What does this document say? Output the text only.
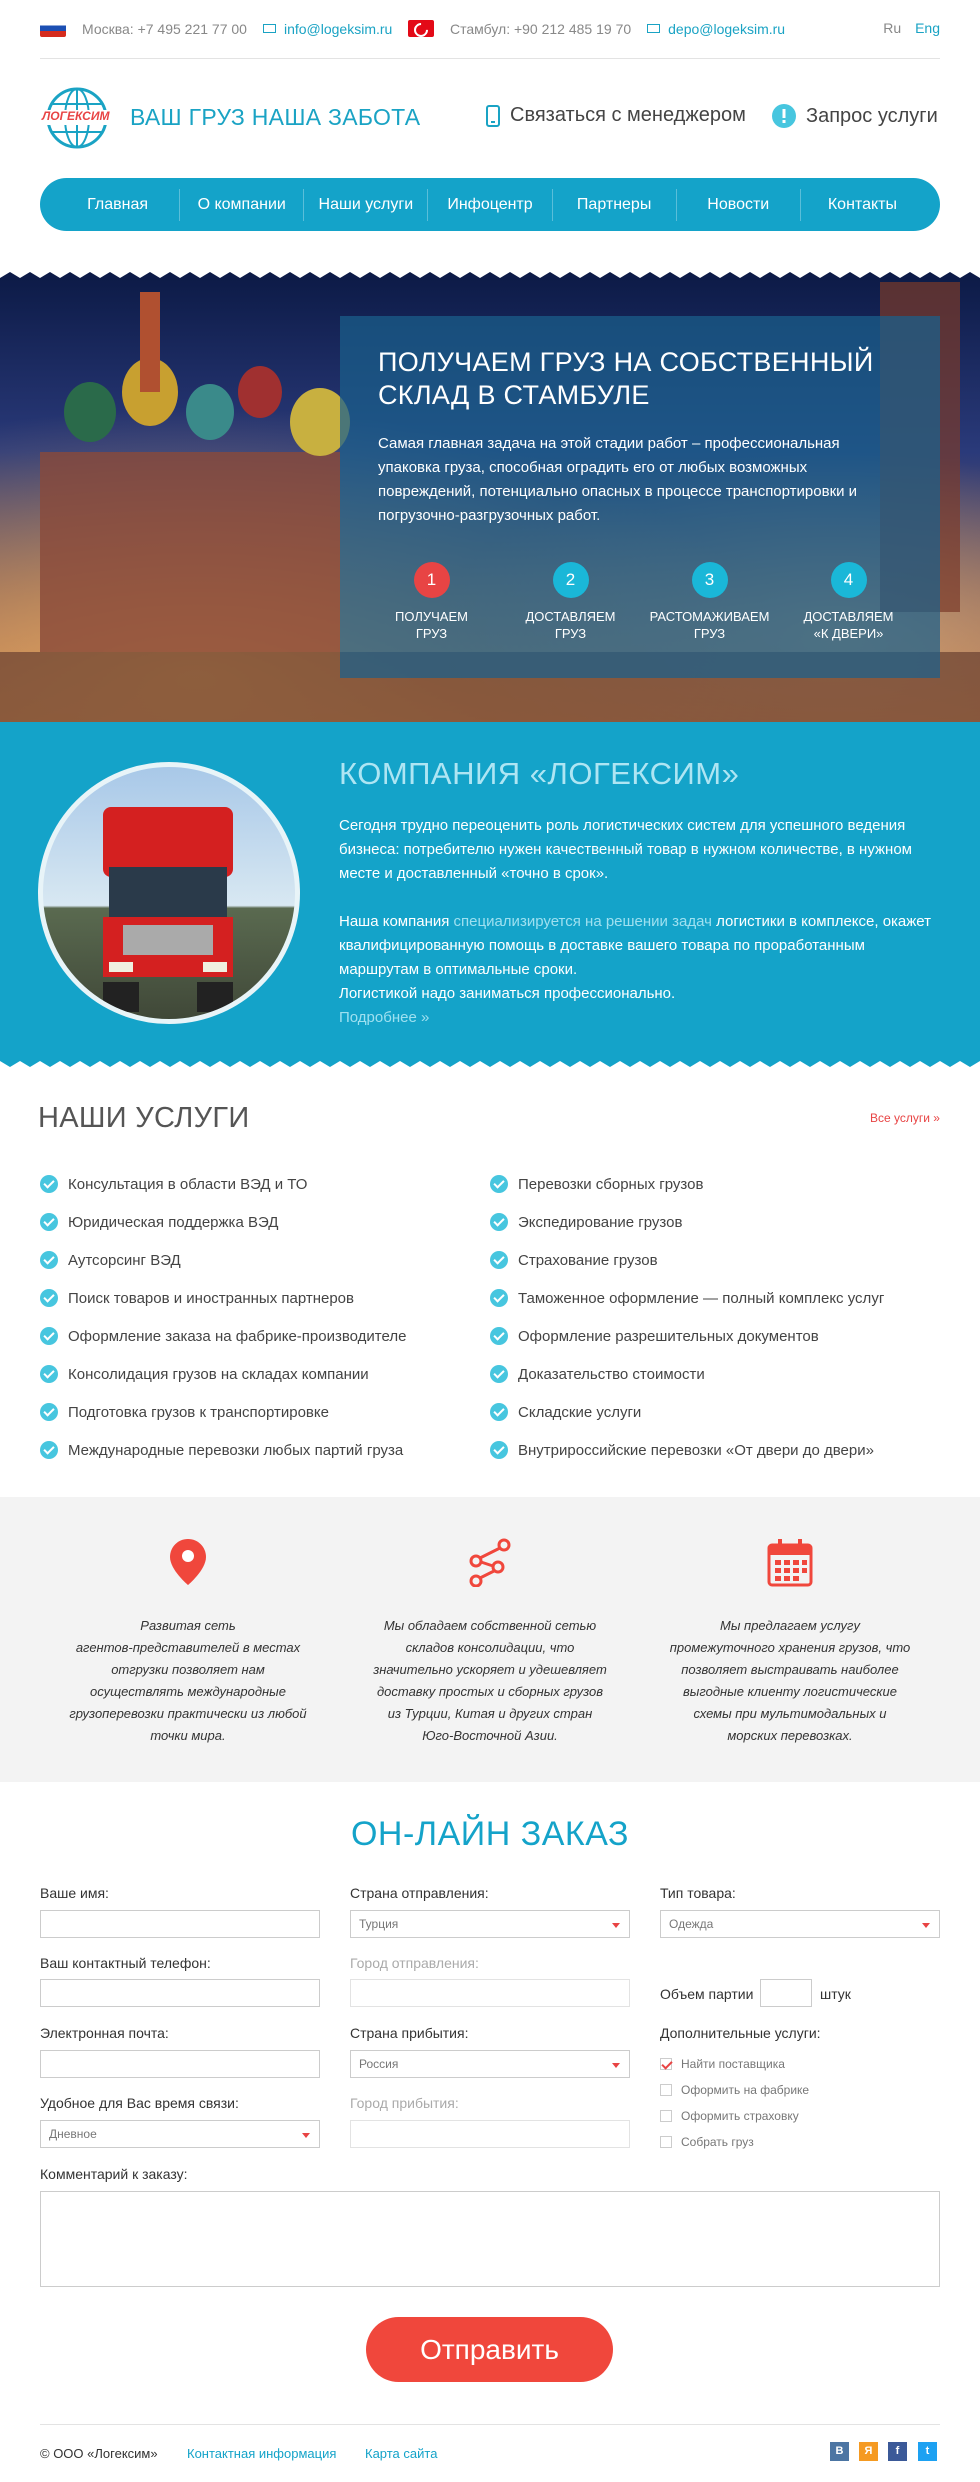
Москва: +7 495 221 77 00	info@logeksim.ru	Стамбул: +90 212 485 19 70	depo@logeksim.ru	Ru Eng
ЛОГЕКСИМ ВАШ ГРУЗ НАША ЗАБОТА	Связаться с менеджером	Запрос услуги
Главная	О компании	Наши услуги	Инфоцентр	Партнеры	Новости	Контакты
ПОЛУЧАЕМ ГРУЗ НА СОБСТВЕННЫЙ
СКЛАД В СТАМБУЛЕ

Самая главная задача на этой стадии работ – профессиональная упаковка груза, способная оградить его от любых возможных повреждений, потенциально опасных в процессе транспортировки и погрузочно-разгрузочных работ.

1
ПОЛУЧАЕМ
ГРУЗ
2
ДОСТАВЛЯЕМ
ГРУЗ
3
РАСТОМАЖИВАЕМ
ГРУЗ
4
ДОСТАВЛЯЕМ
«К ДВЕРИ»
КОМПАНИЯ «ЛОГЕКСИМ»

Сегодня трудно переоценить роль логистических систем для успешного ведения бизнеса: потребителю нужен качественный товар в нужном количестве, в нужном месте и доставленный «точно в срок».

Наша компания специализируется на решении задач логистики в комплексе, окажет квалифицированную помощь в доставке вашего товара по проработанным маршрутам в оптимальные сроки.

Логистикой надо заниматься профессионально.

Подробнее »
НАШИ УСЛУГИ	Все услуги »
Консультация в области ВЭД и ТО
Юридическая поддержка ВЭД
Аутсорсинг ВЭД
Поиск товаров и иностранных партнеров
Оформление заказа на фабрике-производителе
Консолидация грузов на складах компании
Подготовка грузов к транспортировке
Международные перевозки любых партий груза
Перевозки сборных грузов
Экспедирование грузов
Страхование грузов
Таможенное оформление — полный комплекс услуг
Оформление разрешительных документов
Доказательство стоимости
Складские услуги
Внутрироссийские перевозки «От двери до двери»
Развитая сеть
агентов-представителей в местах
отгрузки позволяет нам
осуществлять международные
грузоперевозки практически из любой
точки мира.
Мы обладаем собственной сетью
складов консолидации, что
значительно ускоряет и удешевляет
доставку простых и сборных грузов
из Турции, Китая и других стран
Юго-Восточной Азии.
Мы предлагаем услугу
промежуточного хранения грузов, что
позволяет выстраивать наиболее
выгодные клиенту логистические
схемы при мультимодальных и
морских перевозках.
ОН-ЛАЙН ЗАКАЗ
Ваше имя:
Ваш контактный телефон:
Электронная почта:
Удобное для Вас время связи:
Дневное
Страна отправления:
Турция
Город отправления:
Страна прибытия:
Россия
Город прибытия:
Тип товара:
Одежда
Объем партии	штук
Дополнительные услуги:
Найти поставщика
Оформить на фабрике
Оформить страховку
Собрать груз
Комментарий к заказу:
Отправить
© ООО «Логексим» Контактная информация Карта сайта	В	Я	f	t
